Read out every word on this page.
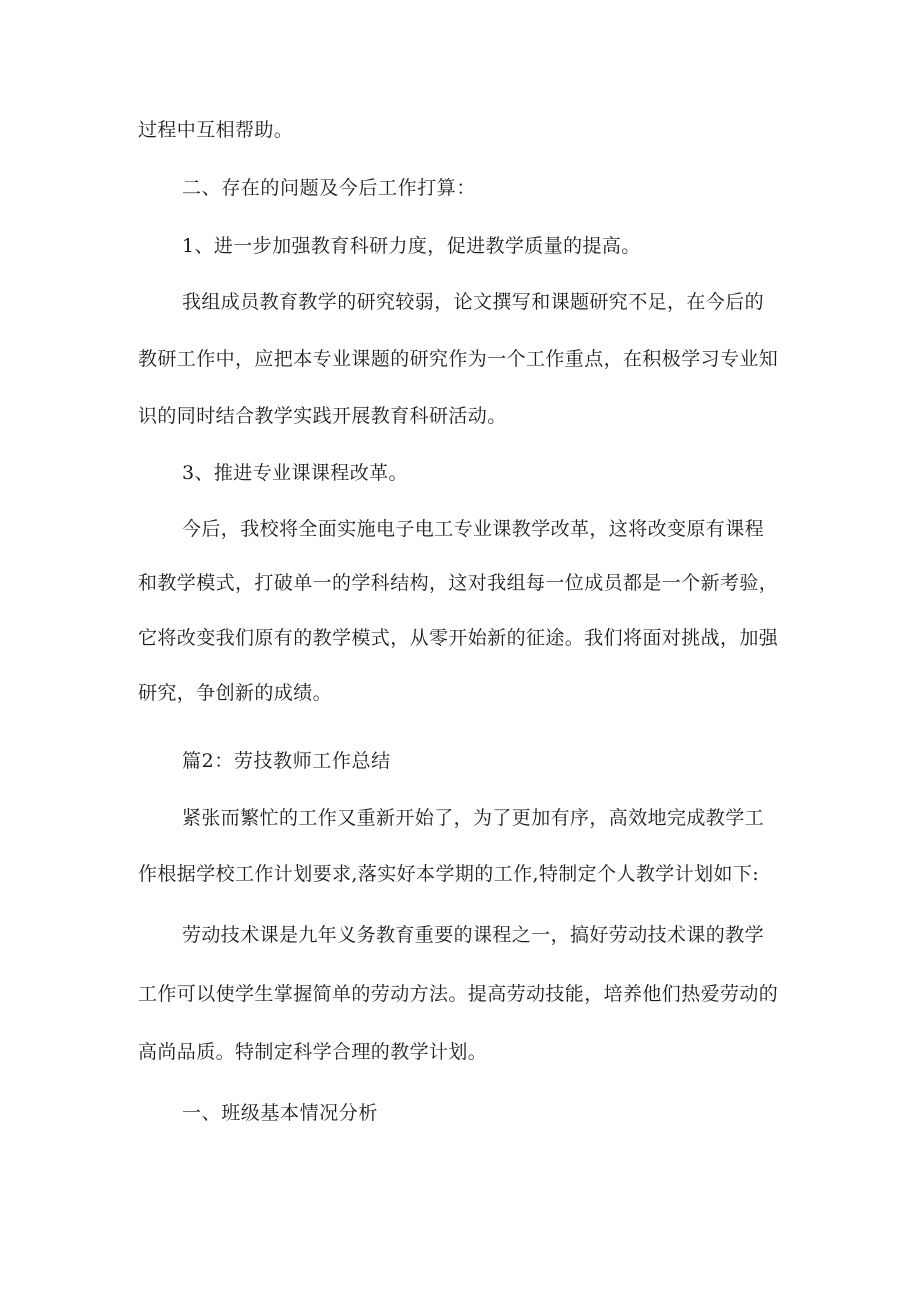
过程中互相帮助。

二、存在的问题及今后工作打算：

1、进一步加强教育科研力度，促进教学质量的提高。

我组成员教育教学的研究较弱，论文撰写和课题研究不足，在今后的

教研工作中，应把本专业课题的研究作为一个工作重点，在积极学习专业知

识的同时结合教学实践开展教育科研活动。

3、推进专业课课程改革。

今后，我校将全面实施电子电工专业课教学改革，这将改变原有课程

和教学模式，打破单一的学科结构，这对我组每一位成员都是一个新考验，

它将改变我们原有的教学模式，从零开始新的征途。我们将面对挑战，加强

研究，争创新的成绩。

篇2：劳技教师工作总结

紧张而繁忙的工作又重新开始了，为了更加有序，高效地完成教学工

作根据学校工作计划要求,落实好本学期的工作,特制定个人教学计划如下:

劳动技术课是九年义务教育重要的课程之一，搞好劳动技术课的教学

工作可以使学生掌握简单的劳动方法。提高劳动技能，培养他们热爱劳动的

高尚品质。特制定科学合理的教学计划。

一、班级基本情况分析
